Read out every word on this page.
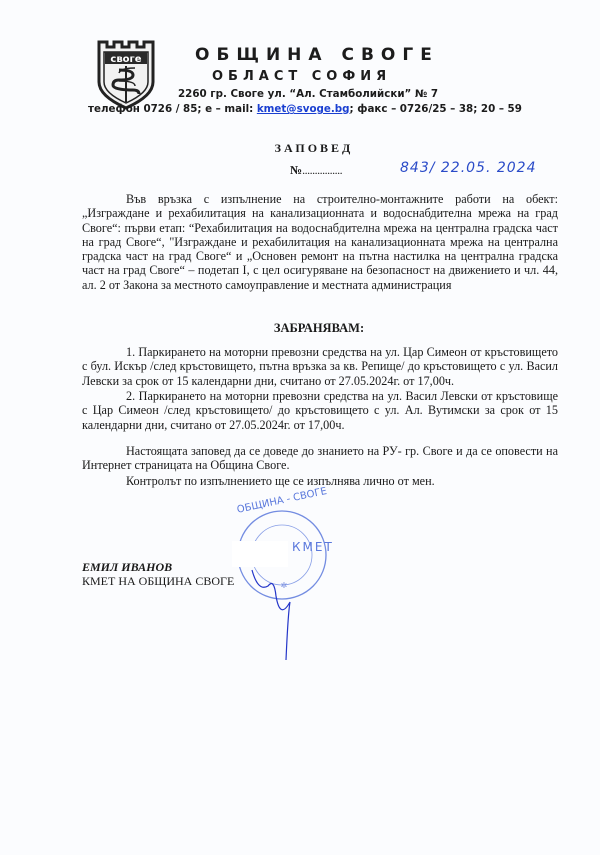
своге	ОБЩИНА СВОГЕ
ОБЛАСТ СОФИЯ
2260 гр. Своге ул. “Ал. Стамболийски” № 7
телефон 0726 / 85; е – mail: kmet@svoge.bg; факс – 0726/25 – 38; 20 – 59
ЗАПОВЕД
№................	843/ 22.05. 2024
Във връзка с изпълнение на строително-монтажните работи на обект: „Изграждане и рехабилитация на канализационната и водоснабдителна мрежа на град Своге“: първи етап: “Рехабилитация на водоснабдителна мрежа на централна градска част на град Своге“, "Изграждане и рехабилитация на канализационната мрежа на централна градска част на град Своге“ и „Основен ремонт на пътна настилка на централна градска част на град Своге“ – подетап I, с цел осигуряване на безопасност на движението и чл. 44, ал. 2 от Закона за местното самоуправление и местната администрация
ЗАБРАНЯВАМ:
1. Паркирането на моторни превозни средства на ул. Цар Симеон от кръстовището с бул. Искър /след кръстовището, пътна връзка за кв. Репище/ до кръстовището с ул. Васил Левски за срок от 15 календарни дни, считано от 27.05.2024г. от 17,00ч.
2. Паркирането на моторни превозни средства на ул. Васил Левски от кръстовище с Цар Симеон /след кръстовището/ до кръстовището с ул. Ал. Вутимски за срок от 15 календарни дни, считано от 27.05.2024г. от 17,00ч.
Настоящата заповед да се доведе до знанието на РУ- гр. Своге и да се оповести на Интернет страницата на Община Своге.
Контролът по изпълнението ще се изпълнява лично от мен.
✲
ОБЩИНА - СВОГЕ
КМЕТ
ЕМИЛ ИВАНОВ
КМЕТ НА ОБЩИНА СВОГЕ
